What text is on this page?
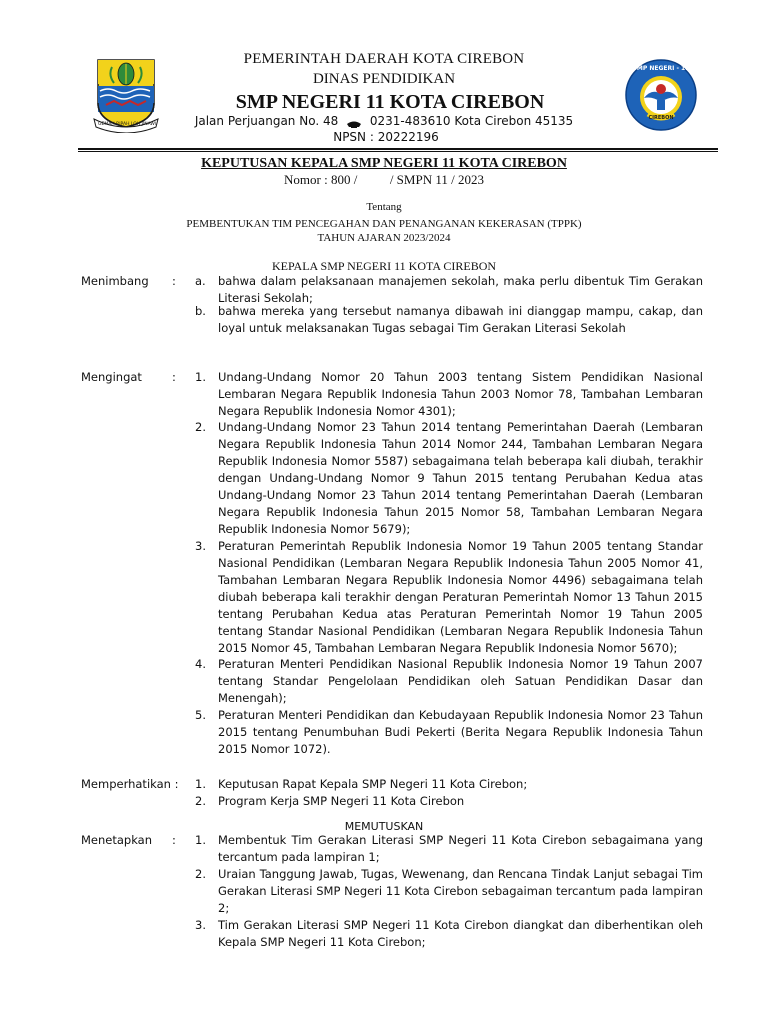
GEMAH RIPAH LOH JINAWI
SMP NEGERI - 11
CIREBON
PEMERINTAH DAERAH KOTA CIREBON
DINAS PENDIDIKAN
SMP NEGERI 11 KOTA CIREBON
Jalan Perjuangan No. 48	0231-483610 Kota Cirebon 45135
NPSN : 20222196
KEPUTUSAN KEPALA SMP NEGERI 11 KOTA CIREBON
Nomor : 800 /          / SMPN 11 / 2023
Tentang
PEMBENTUKAN TIM PENCEGAHAN DAN PENANGANAN KEKERASAN (TPPK)
TAHUN AJARAN 2023/2024
KEPALA SMP NEGERI 11 KOTA CIREBON
Menimbang : a.	bahwa dalam pelaksanaan manajemen sekolah, maka perlu dibentuk Tim Gerakan Literasi Sekolah;
b.	bahwa mereka yang tersebut namanya dibawah ini dianggap mampu, cakap, dan loyal untuk melaksanakan Tugas sebagai Tim Gerakan Literasi Sekolah
Mengingat	: 1.	Undang-Undang Nomor 20 Tahun 2003 tentang Sistem Pendidikan Nasional Lembaran Negara Republik Indonesia Tahun 2003 Nomor 78, Tambahan Lembaran Negara Republik Indonesia Nomor 4301);
2.	Undang-Undang Nomor 23 Tahun 2014 tentang Pemerintahan Daerah (Lembaran Negara Republik Indonesia Tahun 2014 Nomor 244, Tambahan Lembaran Negara Republik Indonesia Nomor 5587) sebagaimana telah beberapa kali diubah, terakhir dengan Undang-Undang Nomor 9 Tahun 2015 tentang Perubahan Kedua atas Undang-Undang Nomor 23 Tahun 2014 tentang Pemerintahan Daerah (Lembaran Negara Republik Indonesia Tahun 2015 Nomor 58, Tambahan Lembaran Negara Republik Indonesia Nomor 5679);
3.	Peraturan Pemerintah Republik Indonesia Nomor 19 Tahun 2005 tentang Standar Nasional Pendidikan (Lembaran Negara Republik Indonesia Tahun 2005 Nomor 41, Tambahan Lembaran Negara Republik Indonesia Nomor 4496) sebagaimana telah diubah beberapa kali terakhir dengan Peraturan Pemerintah Nomor 13 Tahun 2015 tentang Perubahan Kedua atas Peraturan Pemerintah Nomor 19 Tahun 2005 tentang Standar Nasional Pendidikan (Lembaran Negara Republik Indonesia Tahun 2015 Nomor 45, Tambahan Lembaran Negara Republik Indonesia Nomor 5670);
4.	Peraturan Menteri Pendidikan Nasional Republik Indonesia Nomor 19 Tahun 2007 tentang Standar Pengelolaan Pendidikan oleh Satuan Pendidikan Dasar dan Menengah);
5.	Peraturan Menteri Pendidikan dan Kebudayaan Republik Indonesia Nomor 23 Tahun 2015 tentang Penumbuhan Budi Pekerti (Berita Negara Republik Indonesia Tahun 2015 Nomor 1072).
Memperhatikan : 1.	Keputusan Rapat Kepala SMP Negeri 11 Kota Cirebon;
2.	Program Kerja SMP Negeri 11 Kota Cirebon
MEMUTUSKAN
Menetapkan : 1.	Membentuk Tim Gerakan Literasi SMP Negeri 11 Kota Cirebon sebagaimana yang tercantum pada lampiran 1;
2.	Uraian Tanggung Jawab, Tugas, Wewenang, dan Rencana Tindak Lanjut sebagai Tim Gerakan Literasi SMP Negeri 11 Kota Cirebon sebagaiman tercantum pada lampiran 2;
3.	Tim Gerakan Literasi SMP Negeri 11 Kota Cirebon diangkat dan diberhentikan oleh Kepala SMP Negeri 11 Kota Cirebon;
